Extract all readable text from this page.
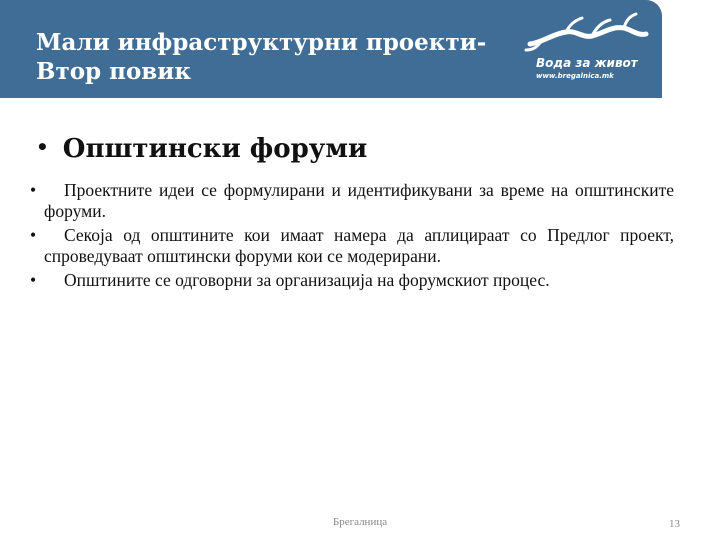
Мали инфраструктурни проекти-
Втор повик	Вода за живот
www.bregalnica.mk
• Општински форуми
• Проектните идеи се формулирани и идентификувани за време на општинските форуми.
• Секоја од општините кои имаат намера да аплицираат со Предлог проект, спроведуваат општински форуми кои се модерирани.
• Општините се одговорни за организација на форумскиот процес.
Брегалница	13
